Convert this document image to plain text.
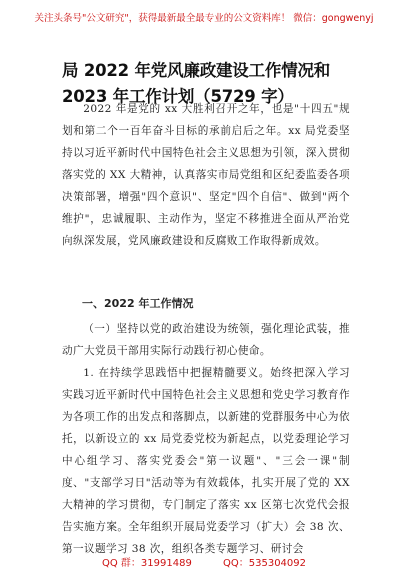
关注头条号"公文研究"，获得最新最全最专业的公文资料库！ 微信：gongwenyj
局 2022 年党风廉政建设工作情况和 2023 年工作计划（5729 字）
2022 年是党的 xx 大胜利召开之年，也是"十四五"规划和第二个一百年奋斗目标的承前启后之年。xx 局党委坚持以习近平新时代中国特色社会主义思想为引领，深入贯彻落实党的 XX 大精神，认真落实市局党组和区纪委监委各项决策部署，增强"四个意识"、坚定"四个自信"、做到"两个维护"，忠诚履职、主动作为，坚定不移推进全面从严治党向纵深发展，党风廉政建设和反腐败工作取得新成效。
一、2022 年工作情况
（一）坚持以党的政治建设为统领，强化理论武装，推动广大党员干部用实际行动践行初心使命。
1. 在持续学思践悟中把握精髓要义。始终把深入学习实践习近平新时代中国特色社会主义思想和党史学习教育作为各项工作的出发点和落脚点，以新建的党群服务中心为依托，以新设立的 xx 局党委党校为新起点，以党委理论学习中心组学习、落实党委会"第一议题"、"三会一课"制度、"支部学习日"活动等为有效载体，扎实开展了党的 XX 大精神的学习贯彻，专门制定了落实 xx 区第七次党代会报告实施方案。全年组织开展局党委学习（扩大）会 38 次、第一议题学习 38 次，组织各类专题学习、研讨会
QQ 群：31991489	QQ：535304092
